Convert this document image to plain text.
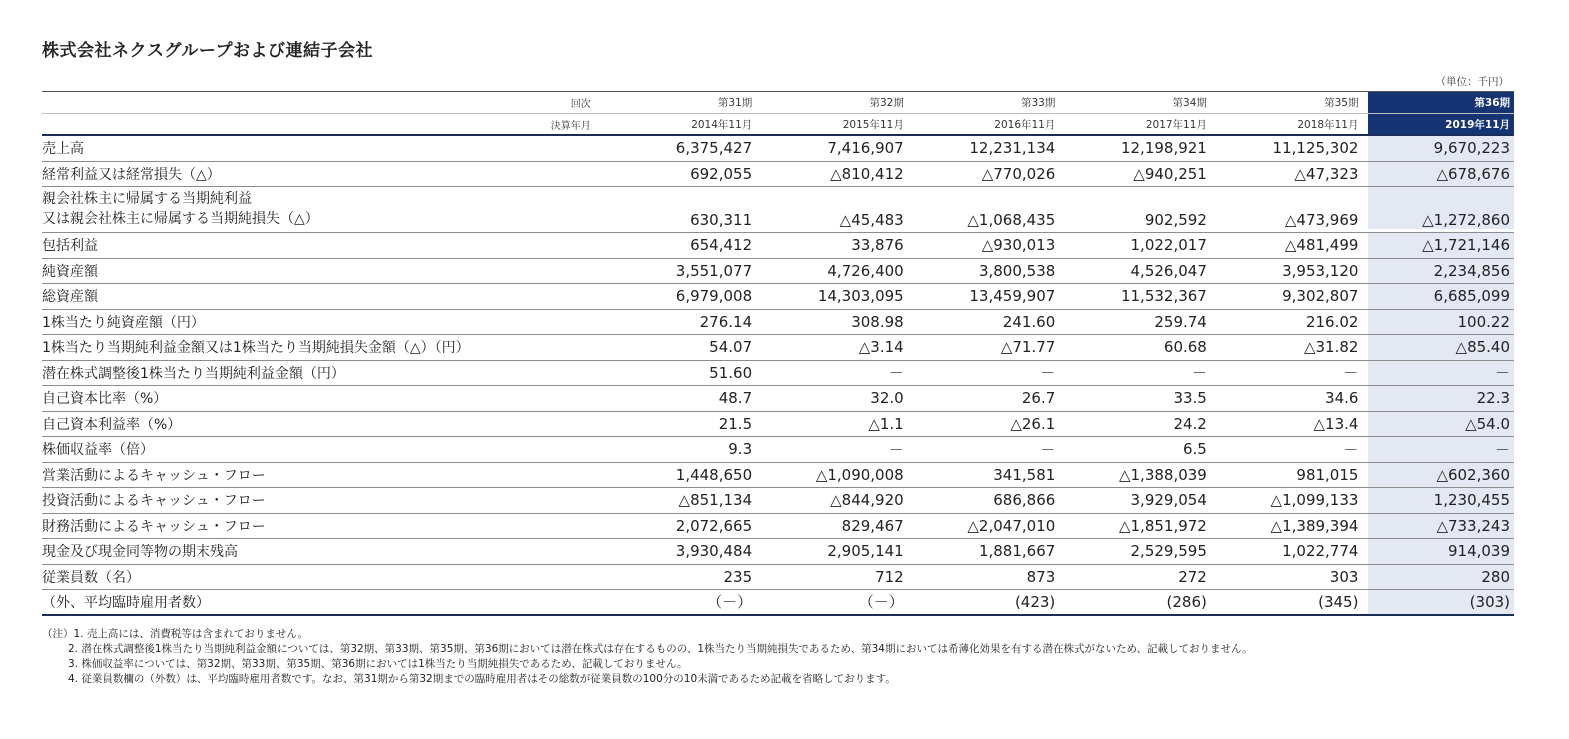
株式会社ネクスグループおよび連結子会社
（単位：千円）
回次	第31期	第32期	第33期	第34期	第35期	第36期
決算年月	2014年11月	2015年11月	2016年11月	2017年11月	2018年11月	2019年11月
売上高	6,375,427	7,416,907	12,231,134	12,198,921	11,125,302	9,670,223
経常利益又は経常損失（△）	692,055	△810,412	△770,026	△940,251	△47,323	△678,676
親会社株主に帰属する当期純利益
又は親会社株主に帰属する当期純損失（△）	630,311	△45,483	△1,068,435	902,592	△473,969	△1,272,860
包括利益	654,412	33,876	△930,013	1,022,017	△481,499	△1,721,146
純資産額	3,551,077	4,726,400	3,800,538	4,526,047	3,953,120	2,234,856
総資産額	6,979,008	14,303,095	13,459,907	11,532,367	9,302,807	6,685,099
1株当たり純資産額（円）	276.14	308.98	241.60	259.74	216.02	100.22
1株当たり当期純利益金額又は1株当たり当期純損失金額（△）（円）	54.07	△3.14	△71.77	60.68	△31.82	△85.40
潜在株式調整後1株当たり当期純利益金額（円）	51.60	－	－	－	－	－
自己資本比率（%）	48.7	32.0	26.7	33.5	34.6	22.3
自己資本利益率（%）	21.5	△1.1	△26.1	24.2	△13.4	△54.0
株価収益率（倍）	9.3	－	－	6.5	－	－
営業活動によるキャッシュ・フロー	1,448,650	△1,090,008	341,581	△1,388,039	981,015	△602,360
投資活動によるキャッシュ・フロー	△851,134	△844,920	686,866	3,929,054	△1,099,133	1,230,455
財務活動によるキャッシュ・フロー	2,072,665	829,467	△2,047,010	△1,851,972	△1,389,394	△733,243
現金及び現金同等物の期末残高	3,930,484	2,905,141	1,881,667	2,529,595	1,022,774	914,039
従業員数（名）	235	712	873	272	303	280
（外、平均臨時雇用者数）	（－）	（－）	(423)	(286)	(345)	(303)
（注）1. 売上高には、消費税等は含まれておりません。
2. 潜在株式調整後1株当たり当期純利益金額については、第32期、第33期、第35期、第36期においては潜在株式は存在するものの、1株当たり当期純損失であるため、第34期においては希薄化効果を有する潜在株式がないため、記載しておりません。
3. 株価収益率については、第32期、第33期、第35期、第36期においては1株当たり当期純損失であるため、記載しておりません。
4. 従業員数欄の（外数）は、平均臨時雇用者数です。なお、第31期から第32期までの臨時雇用者はその総数が従業員数の100分の10未満であるため記載を省略しております。
